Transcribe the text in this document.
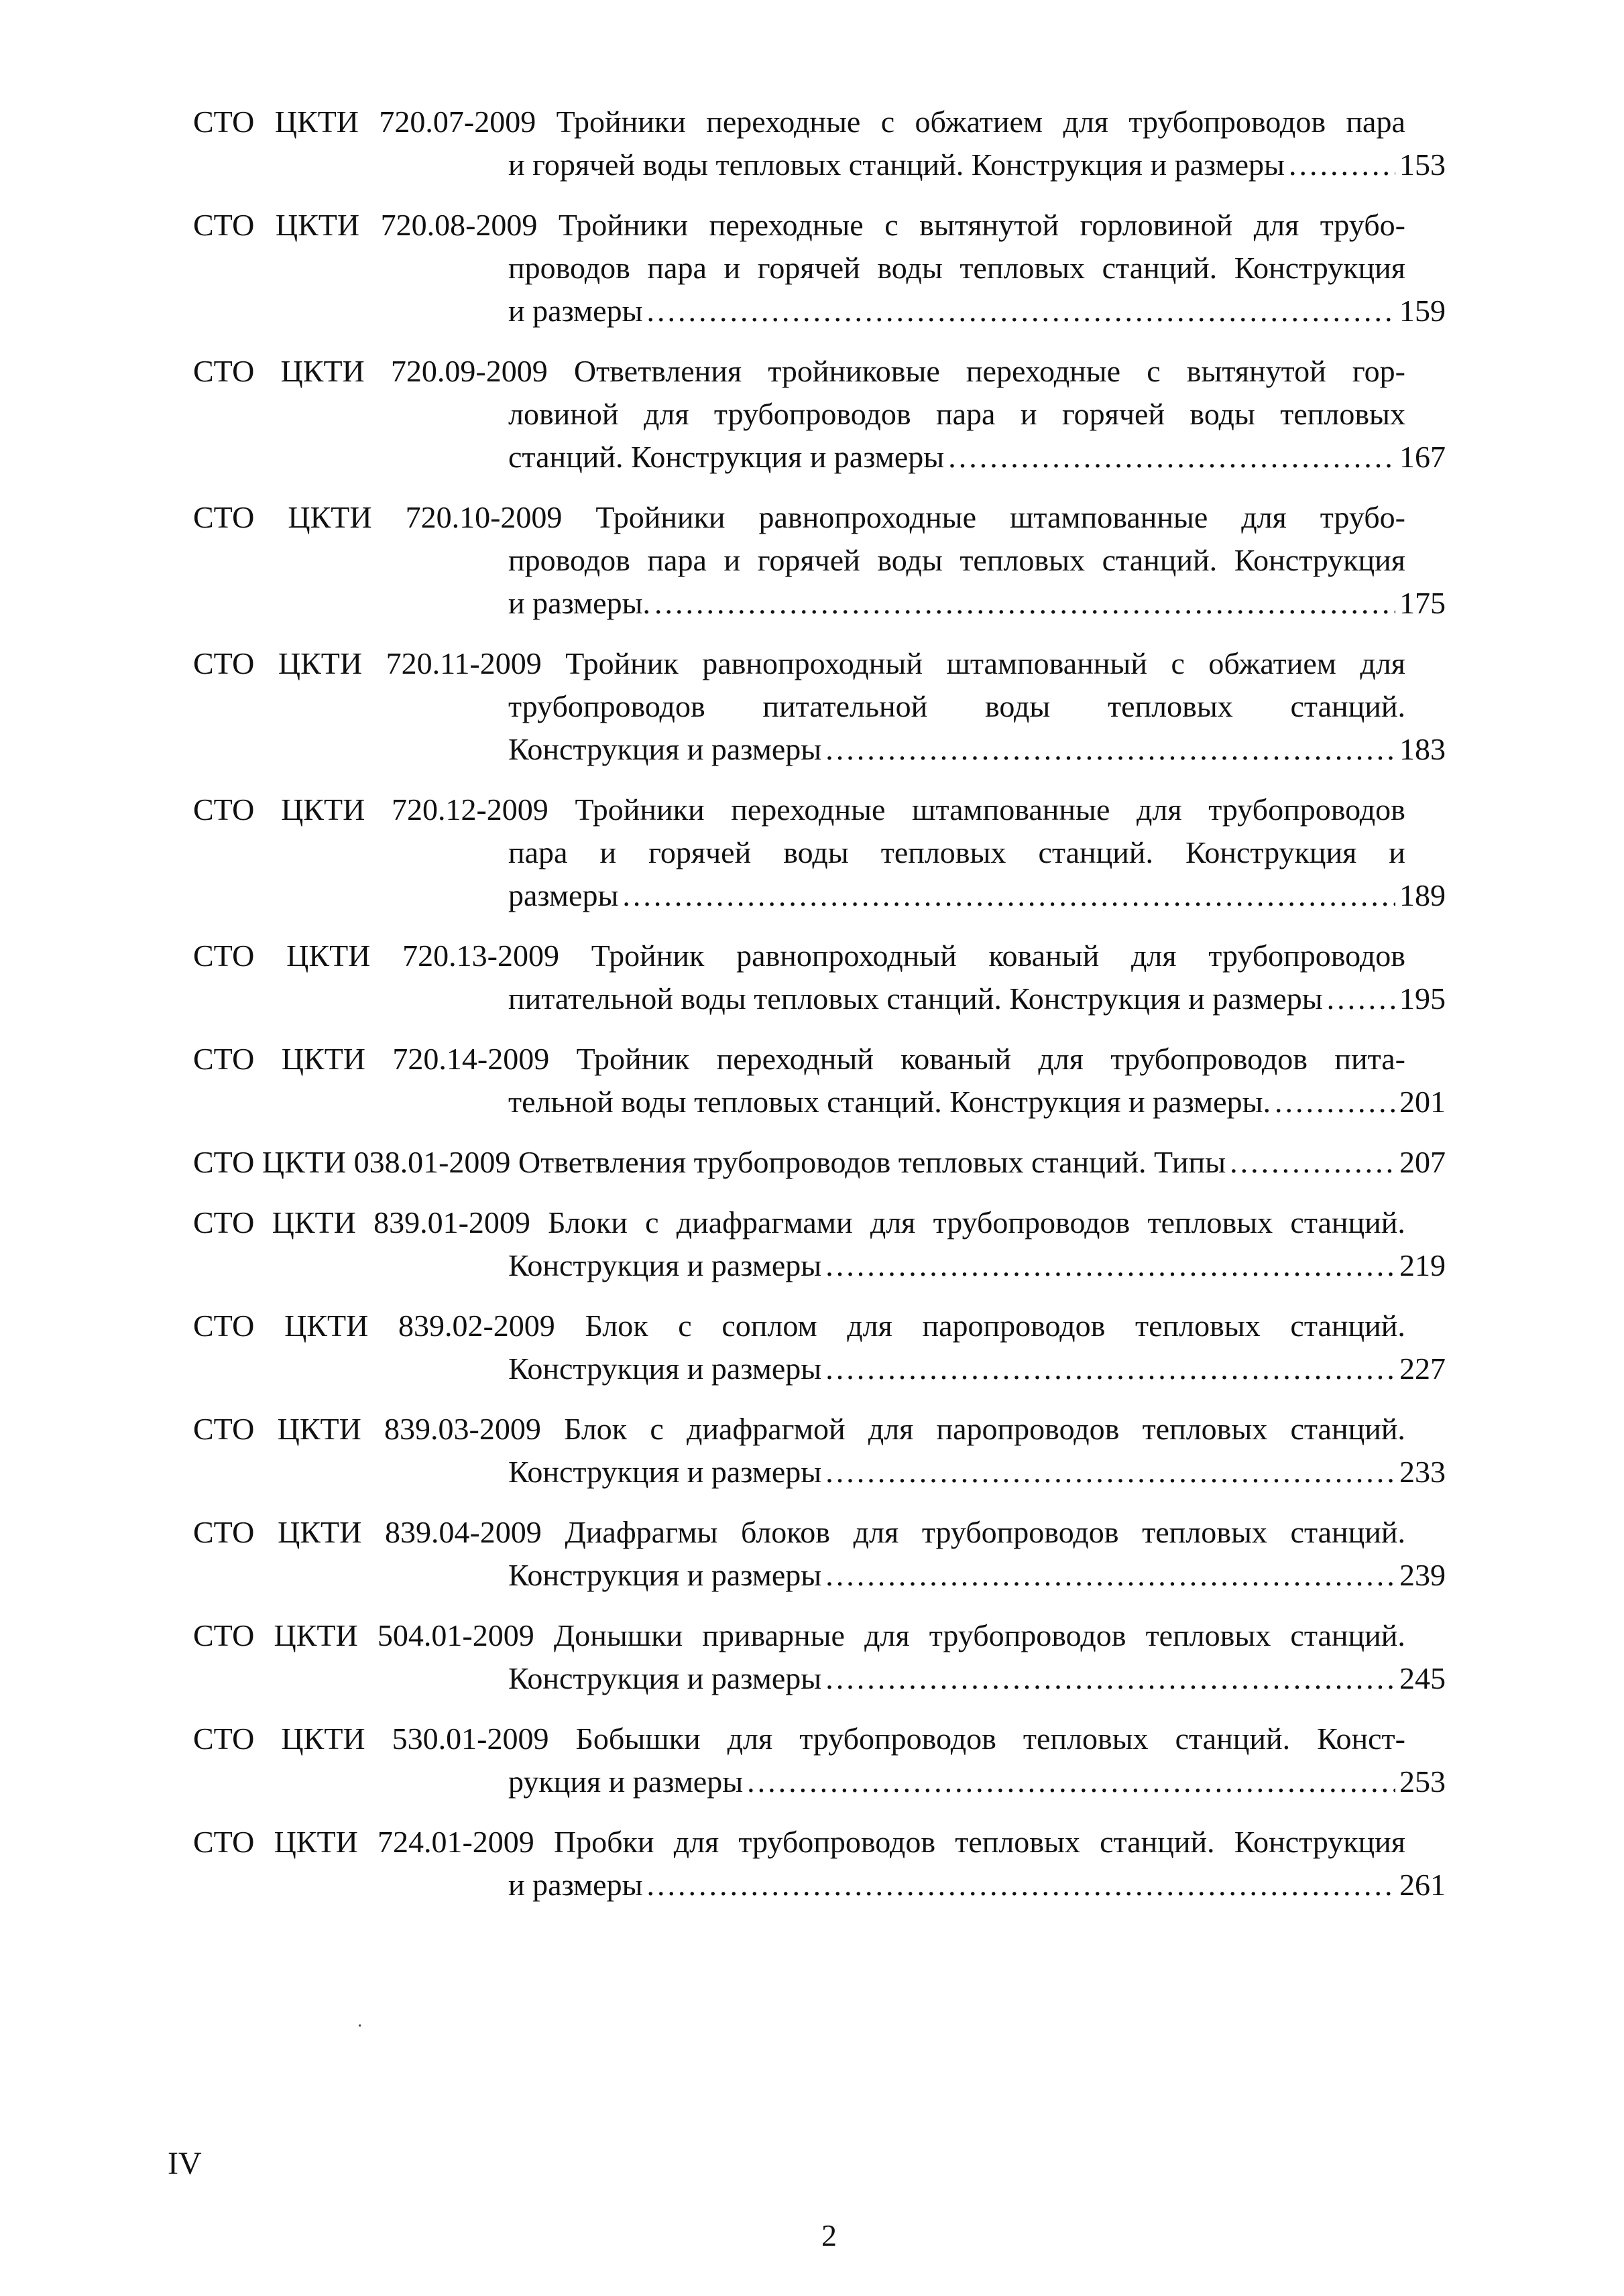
СТО ЦКТИ 720.07-2009 Тройники переходные с обжатием для трубопроводов пара
и горячей воды тепловых станций. Конструкция и размеры .....	153
СТО ЦКТИ 720.08-2009 Тройники переходные с вытянутой горловиной для трубо-
проводов пара и горячей воды тепловых станций. Конструкция
и размеры .....	159
СТО ЦКТИ 720.09-2009 Ответвления тройниковые переходные с вытянутой гор-
ловиной для трубопроводов пара и горячей воды тепловых
станций. Конструкция и размеры .....	167
СТО ЦКТИ 720.10-2009 Тройники равнопроходные штампованные для трубо-
проводов пара и горячей воды тепловых станций. Конструкция
и размеры. .....	175
СТО ЦКТИ 720.11-2009 Тройник равнопроходный штампованный с обжатием для
трубопроводов питательной воды тепловых станций.
Конструкция и размеры .....	183
СТО ЦКТИ 720.12-2009 Тройники переходные штампованные для трубопроводов
пара и горячей воды тепловых станций. Конструкция и
размеры .....	189
СТО ЦКТИ 720.13-2009 Тройник равнопроходный кованый для трубопроводов
питательной воды тепловых станций. Конструкция и размеры ..... 195
СТО ЦКТИ 720.14-2009 Тройник переходный кованый для трубопроводов пита-
тельной воды тепловых станций. Конструкция и размеры. .....	201
СТО ЦКТИ 038.01-2009 Ответвления трубопроводов тепловых станций. Типы .....	207
СТО ЦКТИ 839.01-2009 Блоки с диафрагмами для трубопроводов тепловых станций.
Конструкция и размеры .....	219
СТО ЦКТИ 839.02-2009 Блок с соплом для паропроводов тепловых станций.
Конструкция и размеры .....	227
СТО ЦКТИ 839.03-2009 Блок с диафрагмой для паропроводов тепловых станций.
Конструкция и размеры .....	233
СТО ЦКТИ 839.04-2009 Диафрагмы блоков для трубопроводов тепловых станций.
Конструкция и размеры .....	239
СТО ЦКТИ 504.01-2009 Донышки приварные для трубопроводов тепловых станций.
Конструкция и размеры .....	245
СТО ЦКТИ 530.01-2009 Бобышки для трубопроводов тепловых станций. Конст-
рукция и размеры .....	253
СТО ЦКТИ 724.01-2009 Пробки для трубопроводов тепловых станций. Конструкция
и размеры .....	261
IV
2
